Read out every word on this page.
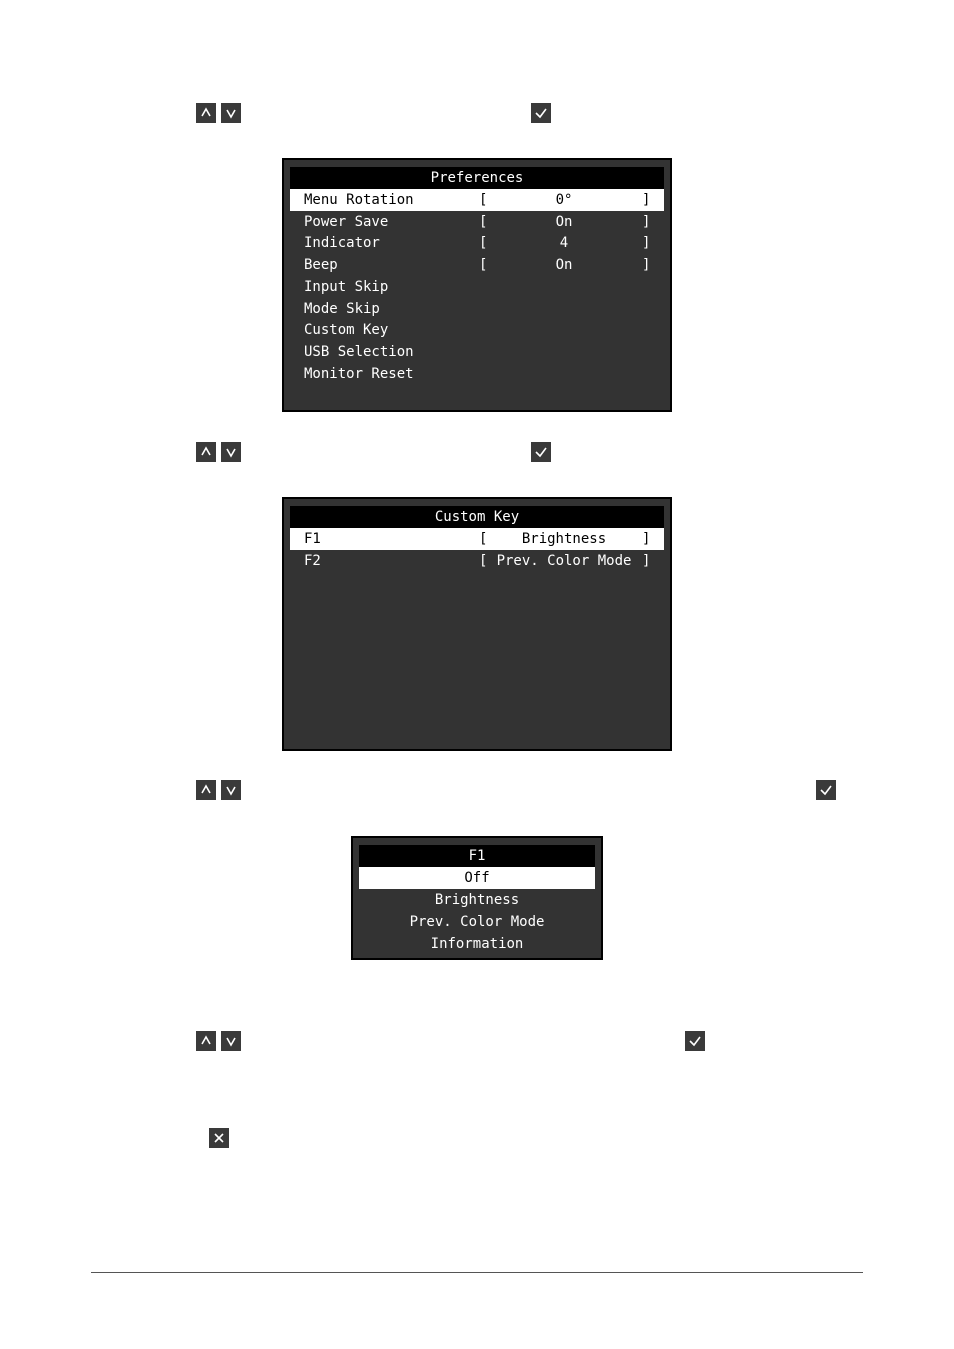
Preferences
Menu Rotation	[	0°	]
Power Save	[	On	]
Indicator	[	4	]
Beep	[	On	]
Input Skip
Mode Skip
Custom Key
USB Selection
Monitor Reset
Custom Key
F1	[	Brightness	]
F2	[ Prev. Color Mode ]
F1
Off
Brightness
Prev. Color Mode
Information
